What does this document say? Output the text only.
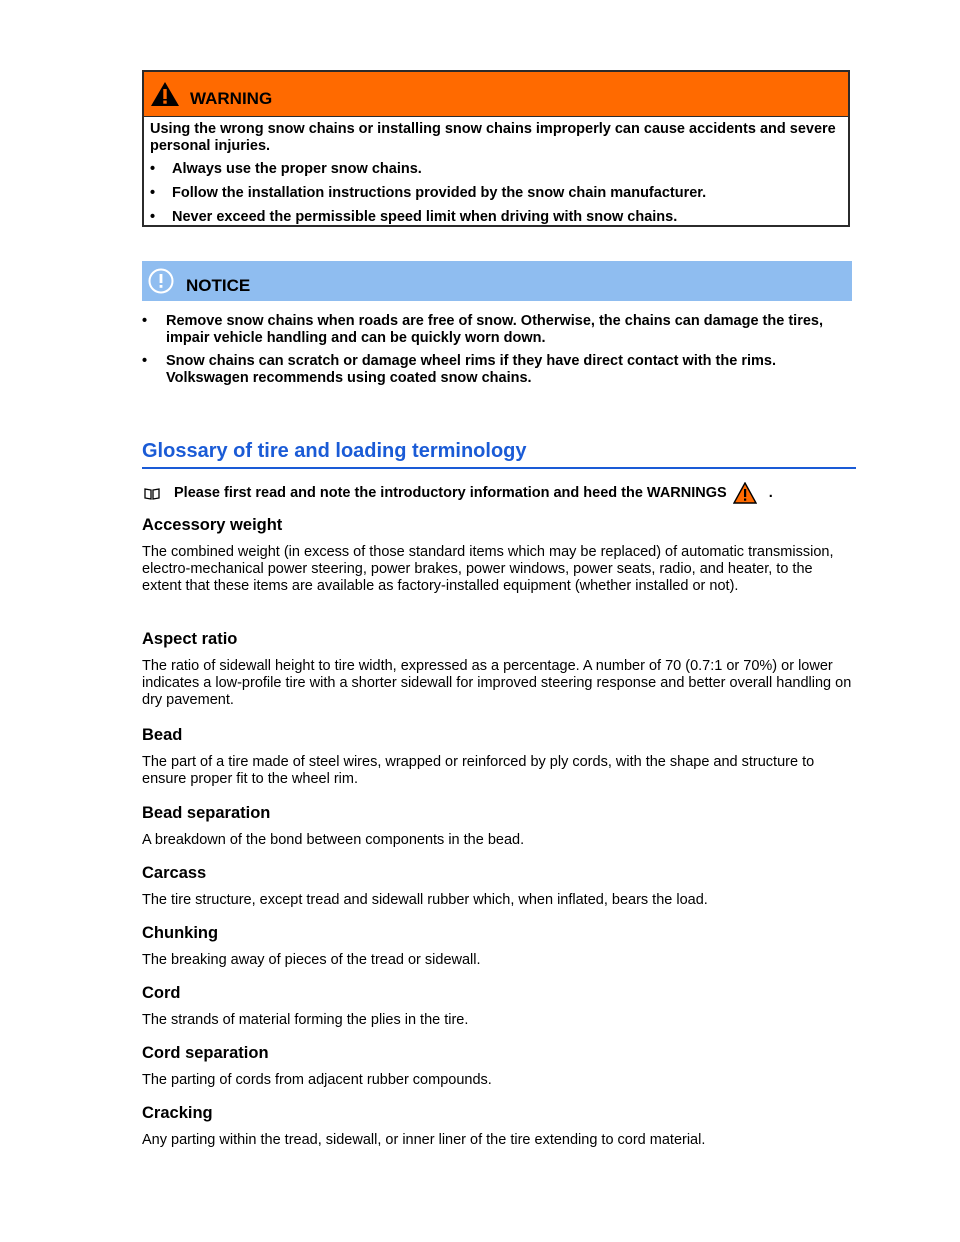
WARNING

Using the wrong snow chains or installing snow chains improperly can cause accidents and severe personal injuries.

• Always use the proper snow chains.
• Follow the installation instructions provided by the snow chain manufacturer.
• Never exceed the permissible speed limit when driving with snow chains.
NOTICE
• Remove snow chains when roads are free of snow. Otherwise, the chains can damage the tires, impair vehicle handling and can be quickly worn down.
• Snow chains can scratch or damage wheel rims if they have direct contact with the rims. Volkswagen recommends using coated snow chains.
Glossary of tire and loading terminology
Please first read and note the introductory information and heed the WARNINGS	.
Accessory weight

The combined weight (in excess of those standard items which may be replaced) of automatic transmission, electro-mechanical power steering, power brakes, power windows, power seats, radio, and heater, to the extent that these items are available as factory-installed equipment (whether installed or not).

Aspect ratio

The ratio of sidewall height to tire width, expressed as a percentage. A number of 70 (0.7:1 or 70%) or lower indicates a low-profile tire with a shorter sidewall for improved steering response and better overall handling on dry pavement.

Bead

The part of a tire made of steel wires, wrapped or reinforced by ply cords, with the shape and structure to ensure proper fit to the wheel rim.

Bead separation

A breakdown of the bond between components in the bead.

Carcass

The tire structure, except tread and sidewall rubber which, when inflated, bears the load.

Chunking

The breaking away of pieces of the tread or sidewall.

Cord

The strands of material forming the plies in the tire.

Cord separation

The parting of cords from adjacent rubber compounds.

Cracking

Any parting within the tread, sidewall, or inner liner of the tire extending to cord material.
